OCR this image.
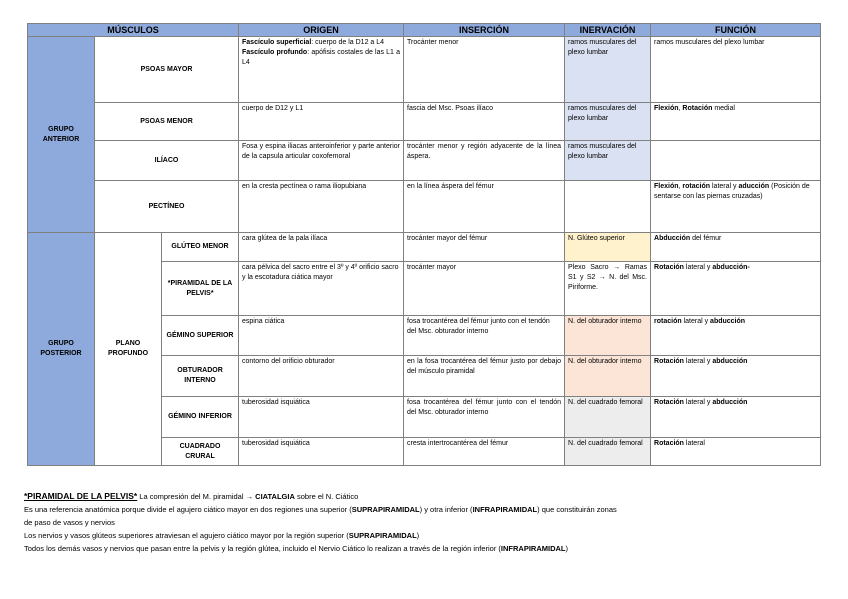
MÚSCULOS			ORIGEN	INSERCIÓN	INERVACIÓN	FUNCIÓN
GRUPO ANTERIOR	PSOAS MAYOR		Fascículo superficial: cuerpo de la D12 a L4
Fascículo profundo: apófisis costales de las L1 a L4	Trocánter menor	ramos musculares del plexo lumbar	ramos musculares del plexo lumbar
	PSOAS MENOR		cuerpo de D12 y L1	fascia del Msc. Psoas ilíaco	ramos musculares del plexo lumbar	Flexión, Rotación medial
	ILÍACO		Fosa y espina iliacas anteroinferior y parte anterior de la capsula articular coxofemoral	trocánter menor y región adyacente de la línea áspera.	ramos musculares del plexo lumbar	
	PECTÍNEO		en la cresta pectínea o rama iliopubiana	en la línea áspera del fémur		Flexión, rotación lateral y aducción (Posición de sentarse con las piernas cruzadas)
GRUPO POSTERIOR	PLANO PROFUNDO	GLÚTEO MENOR	cara glútea de la pala ilíaca	trocánter mayor del fémur	N. Glúteo superior	Abducción del fémur
		*PIRAMIDAL DE LA PELVIS*	cara pélvica del sacro entre el 3º y 4º orificio sacro y la escotadura ciática mayor	trocánter mayor	Plexo Sacro → Ramas S1 y S2 → N. del Msc. Piriforme.	Rotación lateral y abducción-
		GÉMINO SUPERIOR	espina ciática	fosa trocantérea del fémur junto con el tendón del Msc. obturador interno	N. del obturador interno	rotación lateral y abducción
		OBTURADOR INTERNO	contorno del orificio obturador	en la fosa trocantérea del fémur justo por debajo del músculo piramidal	N. del obturador interno	Rotación lateral y abducción
		GÉMINO INFERIOR	tuberosidad isquiática	fosa trocantérea del fémur junto con el tendón del Msc. obturador interno	N. del cuadrado femoral	Rotación lateral y abducción
		CUADRADO CRURAL	tuberosidad isquiática	cresta intertrocantérea del fémur	N. del cuadrado femoral	Rotación lateral
*PIRAMIDAL DE LA PELVIS* La compresión del M. piramidal → CIATALGIA sobre el N. Ciático
Es una referencia anatómica porque divide el agujero ciático mayor en dos regiones una superior (SUPRAPIRAMIDAL) y otra inferior (INFRAPIRAMIDAL) que constituirán zonas
de paso de vasos y nervios
Los nervios y vasos glúteos superiores atraviesan el agujero ciático mayor por la región superior (SUPRAPIRAMIDAL)
Todos los demás vasos y nervios que pasan entre la pelvis y la región glútea, incluido el Nervio Ciático lo realizan a través de la región inferior (INFRAPIRAMIDAL)
